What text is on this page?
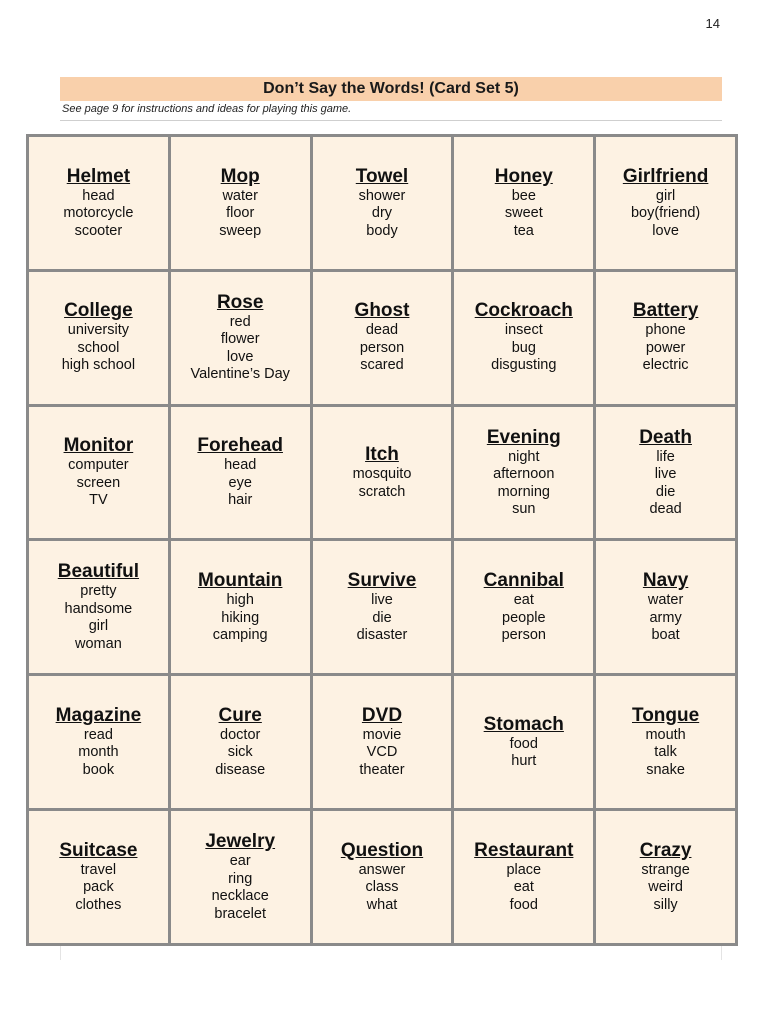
14
Don’t Say the Words! (Card Set 5)
See page 9 for instructions and ideas for playing this game.
Helmet
head
motorcycle
scooter
Mop
water
floor
sweep
Towel
shower
dry
body
Honey
bee
sweet
tea
Girlfriend
girl
boy(friend)
love
College
university
school
high school
Rose
red
flower
love
Valentine’s Day
Ghost
dead
person
scared
Cockroach
insect
bug
disgusting
Battery
phone
power
electric
Monitor
computer
screen
TV
Forehead
head
eye
hair
Itch
mosquito
scratch
Evening
night
afternoon
morning
sun
Death
life
live
die
dead
Beautiful
pretty
handsome
girl
woman
Mountain
high
hiking
camping
Survive
live
die
disaster
Cannibal
eat
people
person
Navy
water
army
boat
Magazine
read
month
book
Cure
doctor
sick
disease
DVD
movie
VCD
theater
Stomach
food
hurt
Tongue
mouth
talk
snake
Suitcase
travel
pack
clothes
Jewelry
ear
ring
necklace
bracelet
Question
answer
class
what
Restaurant
place
eat
food
Crazy
strange
weird
silly
